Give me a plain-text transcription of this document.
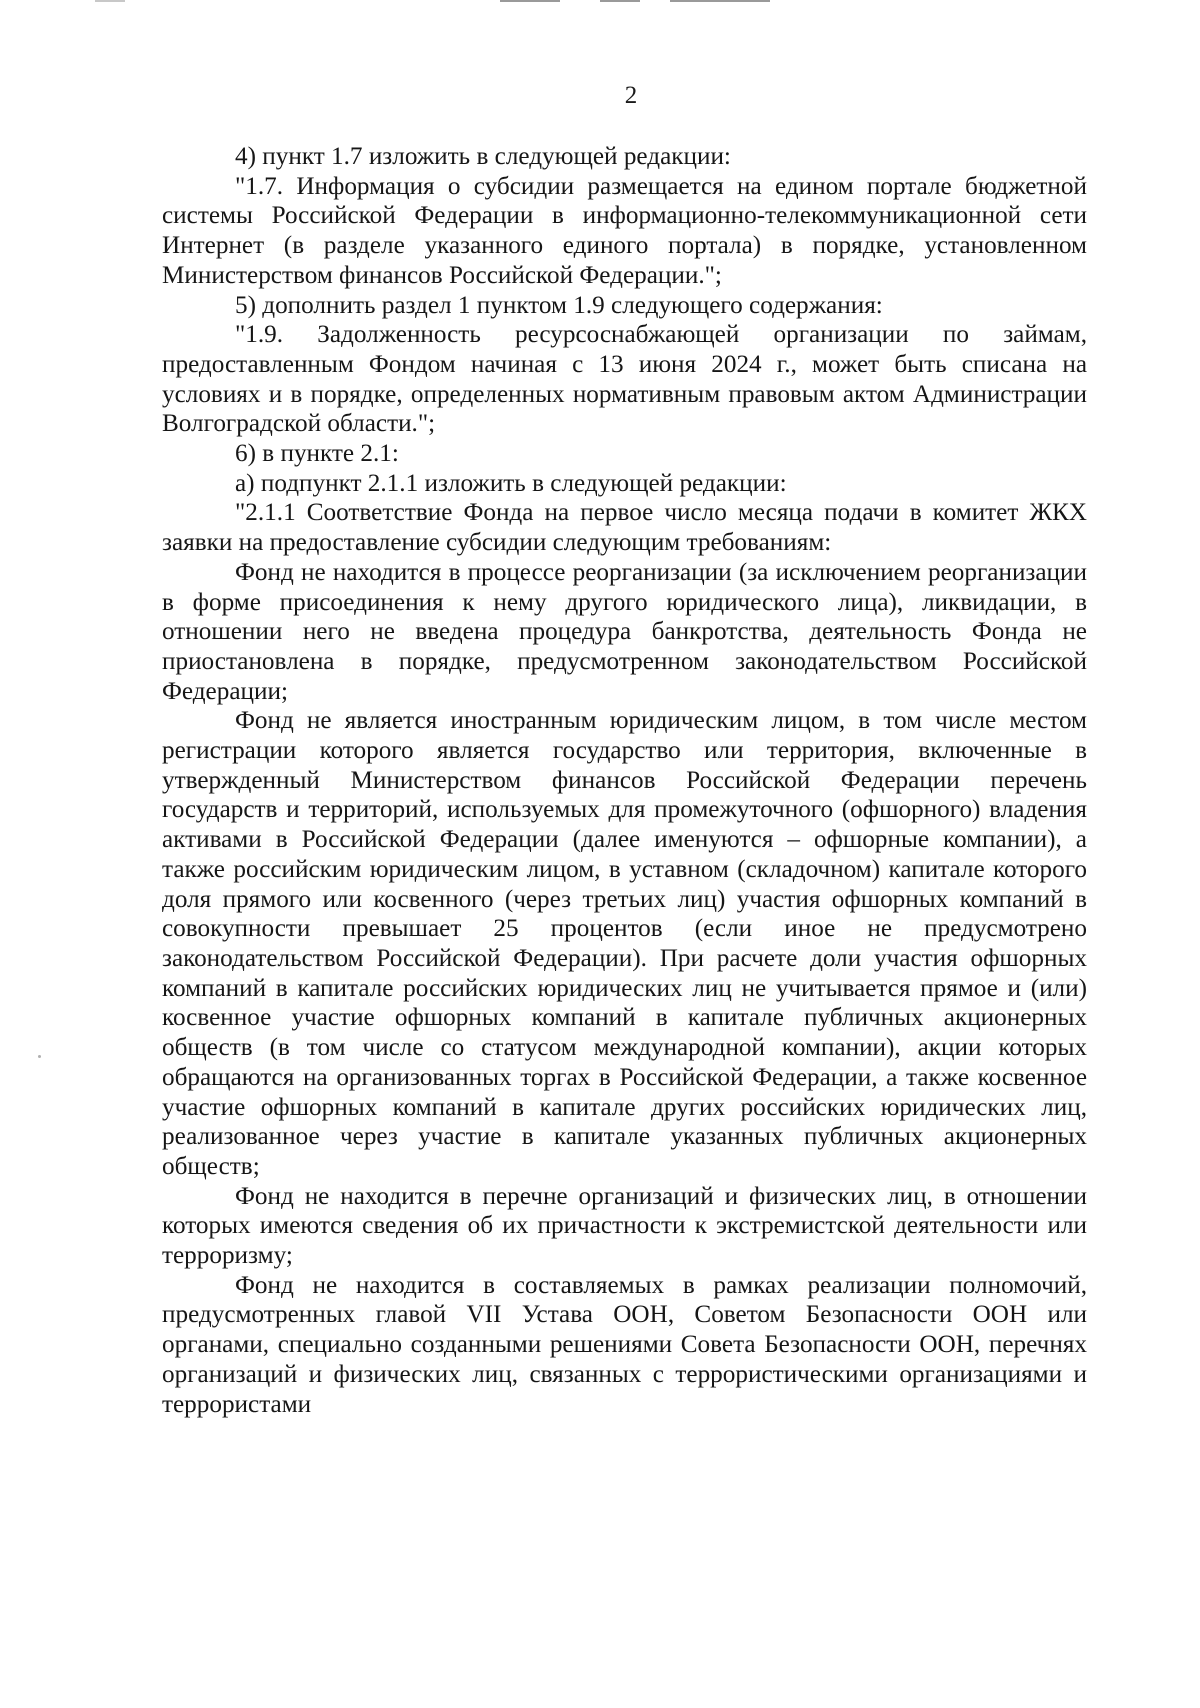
2

4) пункт 1.7 изложить в следующей редакции:

"1.7. Информация о субсидии размещается на едином портале бюджетной системы Российской Федерации в информационно-телекоммуникационной сети Интернет (в разделе указанного единого портала) в порядке, установленном Министерством финансов Российской Федерации.";

5) дополнить раздел 1 пунктом 1.9 следующего содержания:

"1.9. Задолженность ресурсоснабжающей организации по займам, предоставленным Фондом начиная с 13 июня 2024 г., может быть списана на условиях и в порядке, определенных нормативным правовым актом Администрации Волгоградской области.";

6) в пункте 2.1:

а) подпункт 2.1.1 изложить в следующей редакции:

"2.1.1 Соответствие Фонда на первое число месяца подачи в комитет ЖКХ заявки на предоставление субсидии следующим требованиям:

Фонд не находится в процессе реорганизации (за исключением реорганизации в форме присоединения к нему другого юридического лица), ликвидации, в отношении него не введена процедура банкротства, деятельность Фонда не приостановлена в порядке, предусмотренном законодательством Российской Федерации;

Фонд не является иностранным юридическим лицом, в том числе местом регистрации которого является государство или территория, включенные в утвержденный Министерством финансов Российской Федерации перечень государств и территорий, используемых для промежуточного (офшорного) владения активами в Российской Федерации (далее именуются – офшорные компании), а также российским юридическим лицом, в уставном (складочном) капитале которого доля прямого или косвенного (через третьих лиц) участия офшорных компаний в совокупности превышает 25 процентов (если иное не предусмотрено законодательством Российской Федерации). При расчете доли участия офшорных компаний в капитале российских юридических лиц не учитывается прямое и (или) косвенное участие офшорных компаний в капитале публичных акционерных обществ (в том числе со статусом международной компании), акции которых обращаются на организованных торгах в Российской Федерации, а также косвенное участие офшорных компаний в капитале других российских юридических лиц, реализованное через участие в капитале указанных публичных акционерных обществ;

Фонд не находится в перечне организаций и физических лиц, в отношении которых имеются сведения об их причастности к экстремистской деятельности или терроризму;

Фонд не находится в составляемых в рамках реализации полномочий, предусмотренных главой VII Устава ООН, Советом Безопасности ООН или органами, специально созданными решениями Совета Безопасности ООН, перечнях организаций и физических лиц, связанных с террористическими организациями и террористами
